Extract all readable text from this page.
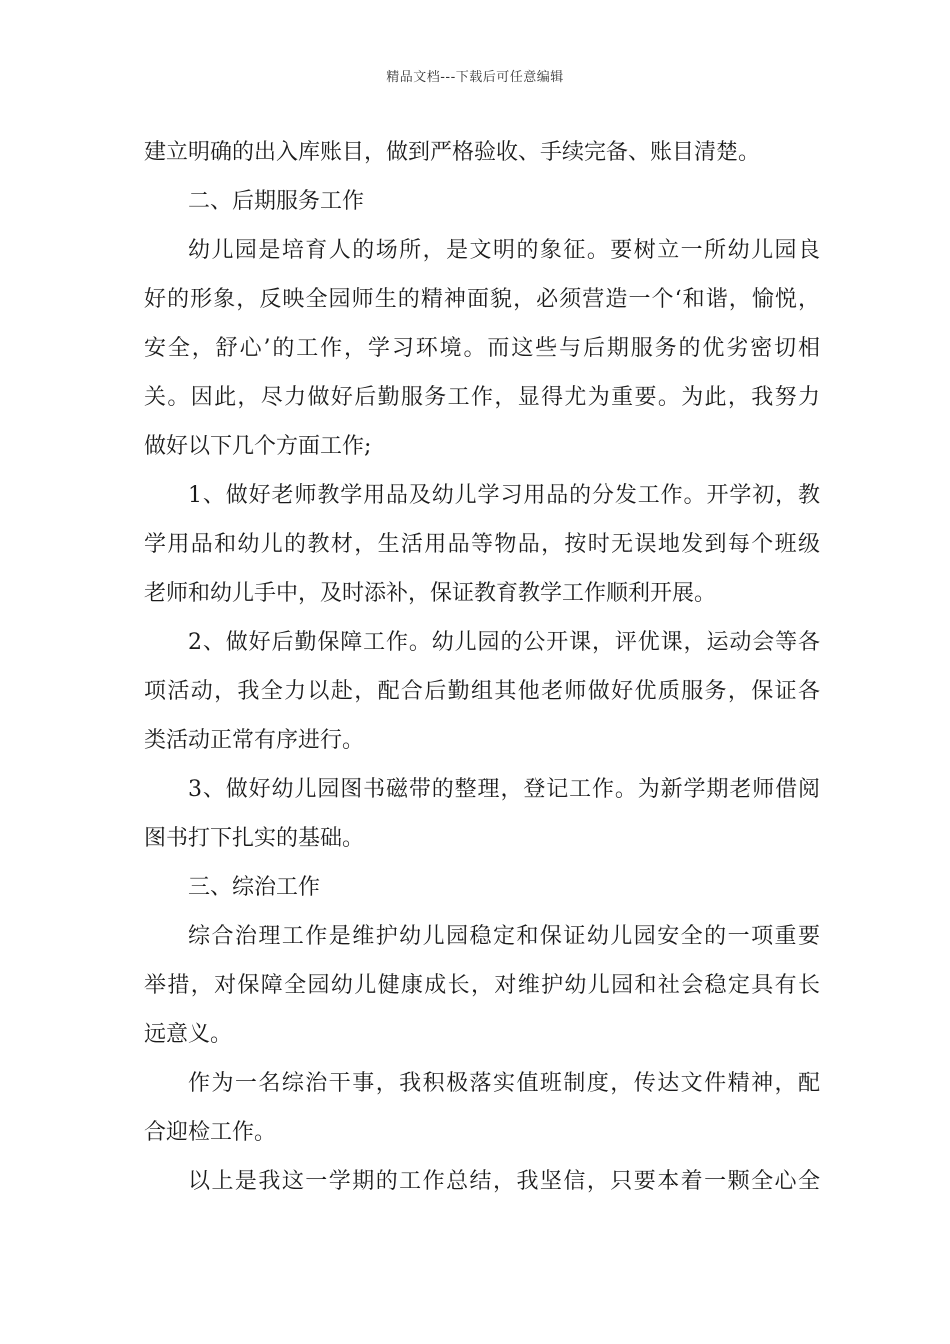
精品文档---下载后可任意编辑
建立明确的出入库账目，做到严格验收、手续完备、账目清楚。
二、后期服务工作
幼儿园是培育人的场所，是文明的象征。要树立一所幼儿园良
好的形象，反映全园师生的精神面貌，必须营造一个‘和谐，愉悦，
安全，舒心’的工作，学习环境。而这些与后期服务的优劣密切相
关。因此，尽力做好后勤服务工作，显得尤为重要。为此，我努力
做好以下几个方面工作;
1、做好老师教学用品及幼儿学习用品的分发工作。开学初，教
学用品和幼儿的教材，生活用品等物品，按时无误地发到每个班级
老师和幼儿手中，及时添补，保证教育教学工作顺利开展。
2、做好后勤保障工作。幼儿园的公开课，评优课，运动会等各
项活动，我全力以赴，配合后勤组其他老师做好优质服务，保证各
类活动正常有序进行。
3、做好幼儿园图书磁带的整理，登记工作。为新学期老师借阅
图书打下扎实的基础。
三、综治工作
综合治理工作是维护幼儿园稳定和保证幼儿园安全的一项重要
举措，对保障全园幼儿健康成长，对维护幼儿园和社会稳定具有长
远意义。
作为一名综治干事，我积极落实值班制度，传达文件精神，配
合迎检工作。
以上是我这一学期的工作总结，我坚信，只要本着一颗全心全
